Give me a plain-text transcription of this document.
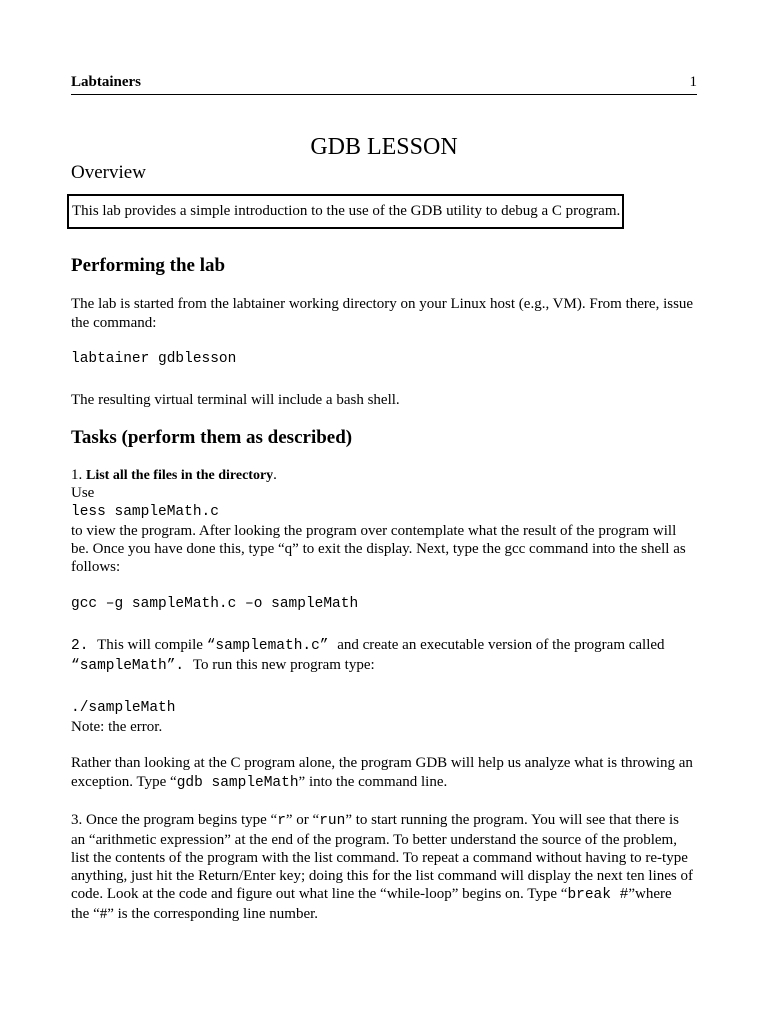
Labtainers	1
GDB LESSON
Overview
This lab provides a simple introduction to the use of the GDB utility to debug a C program.
Performing the lab
The lab is started from the labtainer working directory on your Linux host (e.g., VM). From there, issue
the command:
labtainer gdblesson
The resulting virtual terminal will include a bash shell.
Tasks (perform them as described)
1. List all the files in the directory.
Use
less sampleMath.c
to view the program. After looking the program over contemplate what the result of the program will
be. Once you have done this, type “q” to exit the display. Next, type the gcc command into the shell as
follows:
gcc –g sampleMath.c –o sampleMath
2. This will compile “samplemath.c” and create an executable version of the program called
“sampleMath”. To run this new program type:
./sampleMath
Note: the error.
Rather than looking at the C program alone, the program GDB will help us analyze what is throwing an
exception. Type “gdb sampleMath” into the command line.
3. Once the program begins type “r” or “run” to start running the program. You will see that there is
an “arithmetic expression” at the end of the program. To better understand the source of the problem,
list the contents of the program with the list command. To repeat a command without having to re-type
anything, just hit the Return/Enter key; doing this for the list command will display the next ten lines of
code. Look at the code and figure out what line the “while-loop” begins on. Type “break #”where
the “#” is the corresponding line number.
